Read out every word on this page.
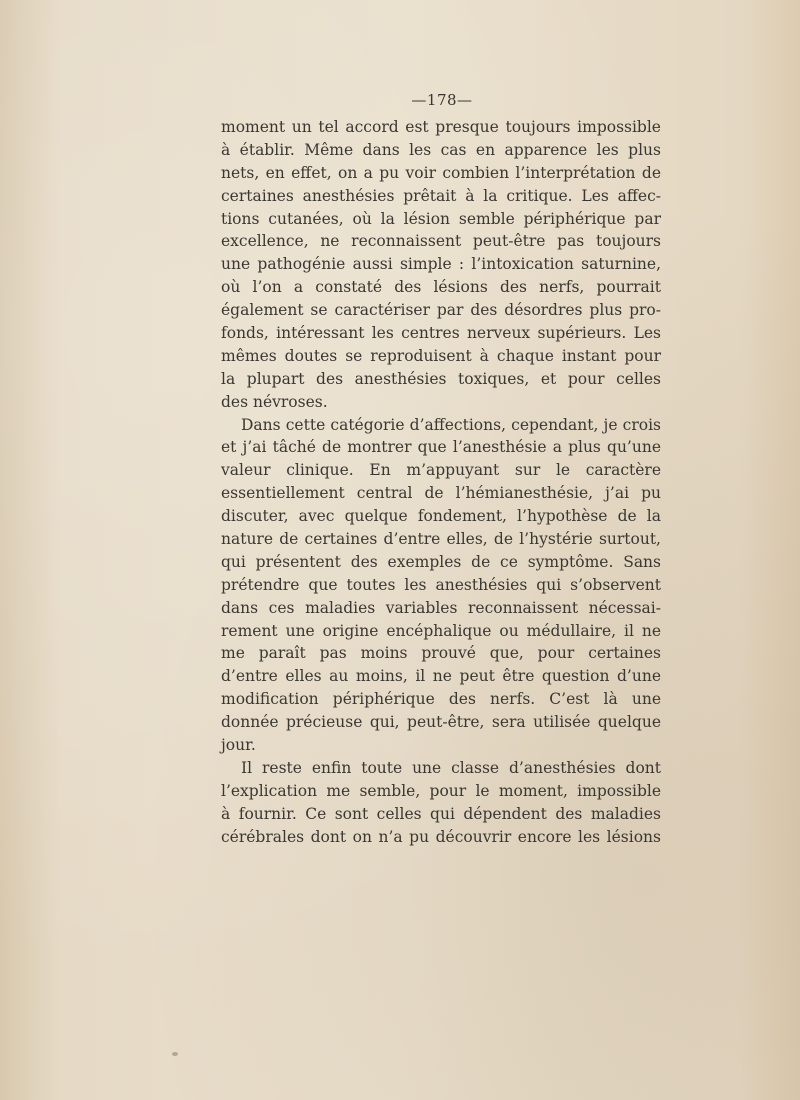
—178—
moment un tel accord est presque toujours impossible
à établir. Même dans les cas en apparence les plus
nets, en effet, on a pu voir combien l’interprétation de
certaines anesthésies prêtait à la critique. Les affec-
tions cutanées, où la lésion semble périphérique par
excellence, ne reconnaissent peut-être pas toujours
une pathogénie aussi simple : l’intoxication saturnine,
où l’on a constaté des lésions des nerfs, pourrait
également se caractériser par des désordres plus pro-
fonds, intéressant les centres nerveux supérieurs. Les
mêmes doutes se reproduisent à chaque instant pour
la plupart des anesthésies toxiques, et pour celles
des névroses.
Dans cette catégorie d’affections, cependant, je crois
et j’ai tâché de montrer que l’anesthésie a plus qu’une
valeur clinique. En m’appuyant sur le caractère
essentiellement central de l’hémianesthésie, j’ai pu
discuter, avec quelque fondement, l’hypothèse de la
nature de certaines d’entre elles, de l’hystérie surtout,
qui présentent des exemples de ce symptôme. Sans
prétendre que toutes les anesthésies qui s’observent
dans ces maladies variables reconnaissent nécessai-
rement une origine encéphalique ou médullaire, il ne
me paraît pas moins prouvé que, pour certaines
d’entre elles au moins, il ne peut être question d’une
modification périphérique des nerfs. C’est là une
donnée précieuse qui, peut-être, sera utilisée quelque
jour.
Il reste enfin toute une classe d’anesthésies dont
l’explication me semble, pour le moment, impossible
à fournir. Ce sont celles qui dépendent des maladies
cérébrales dont on n’a pu découvrir encore les lésions
